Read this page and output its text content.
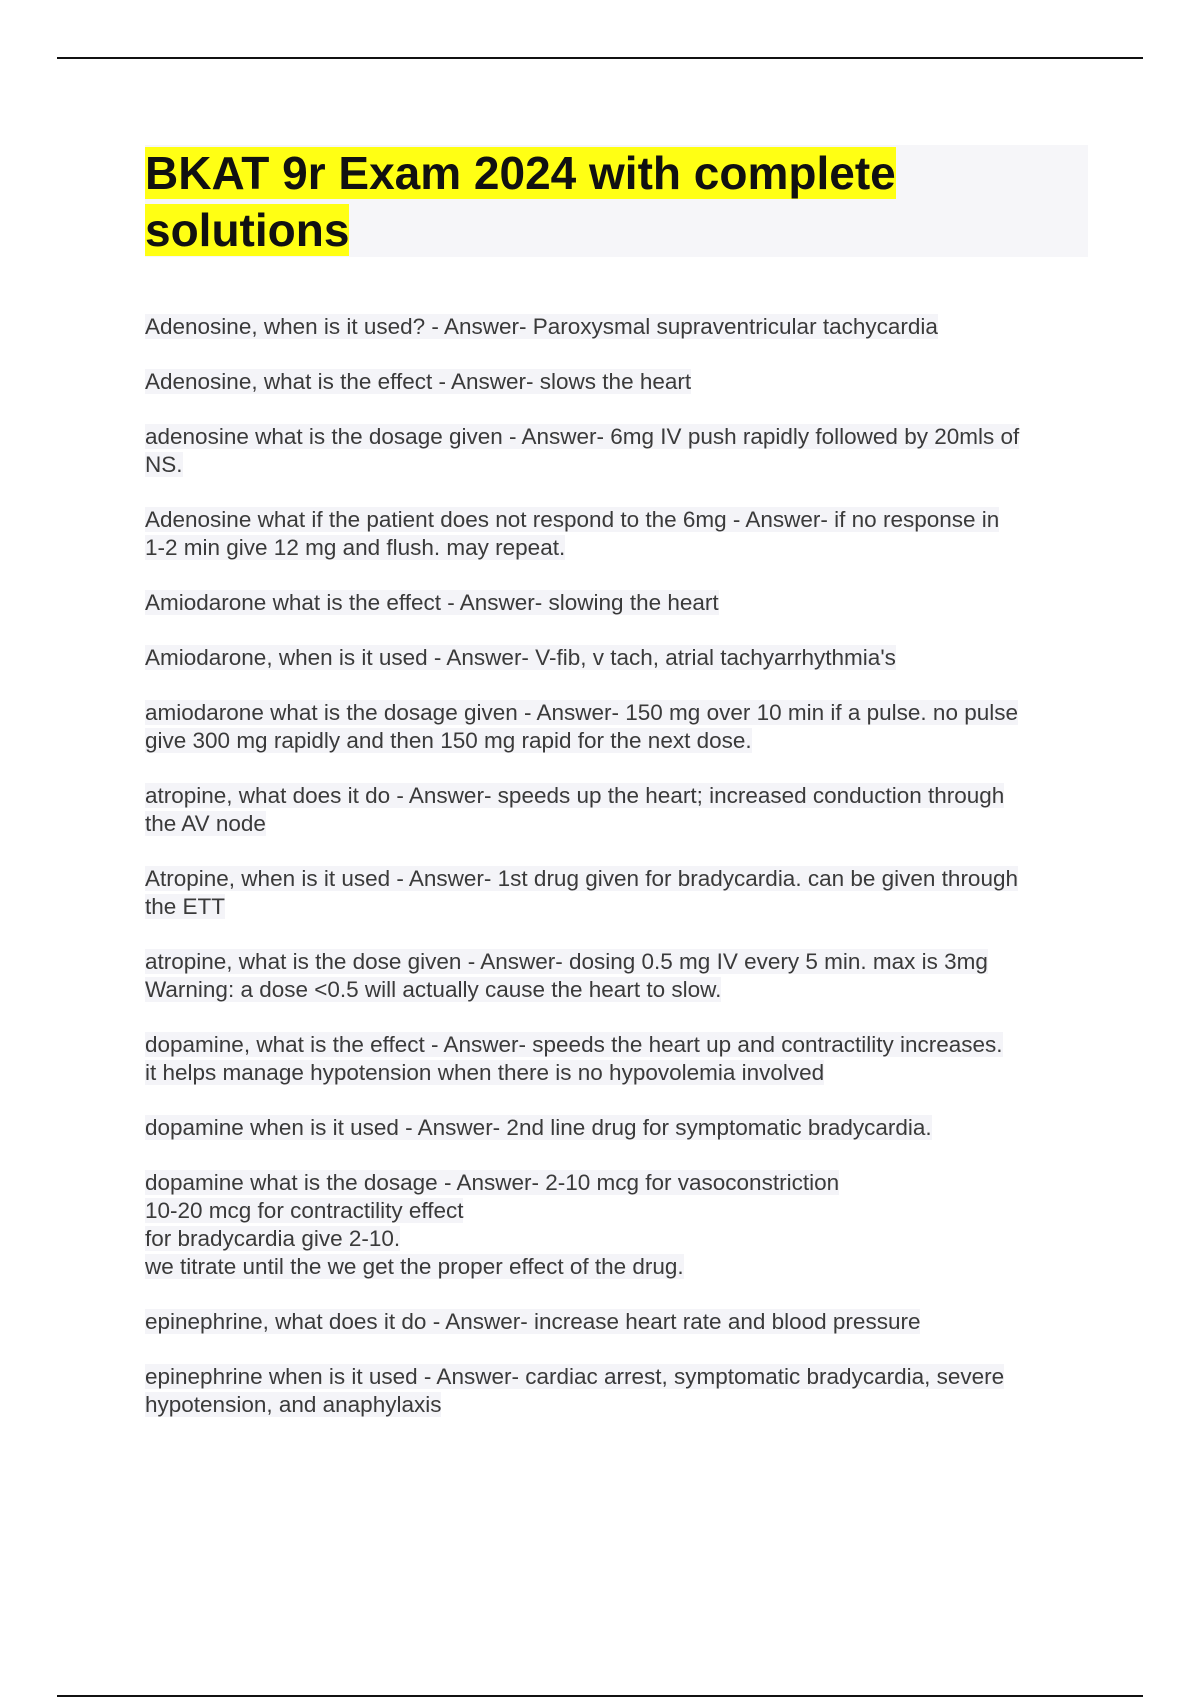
BKAT 9r Exam 2024 with complete solutions
Adenosine, when is it used? - Answer- Paroxysmal supraventricular tachycardia
Adenosine, what is the effect - Answer- slows the heart
adenosine what is the dosage given - Answer- 6mg IV push rapidly followed by 20mls of
NS.
Adenosine what if the patient does not respond to the 6mg - Answer- if no response in
1-2 min give 12 mg and flush. may repeat.
Amiodarone what is the effect - Answer- slowing the heart
Amiodarone, when is it used - Answer- V-fib, v tach, atrial tachyarrhythmia's
amiodarone what is the dosage given - Answer- 150 mg over 10 min if a pulse. no pulse
give 300 mg rapidly and then 150 mg rapid for the next dose.
atropine, what does it do - Answer- speeds up the heart; increased conduction through
the AV node
Atropine, when is it used - Answer- 1st drug given for bradycardia. can be given through
the ETT
atropine, what is the dose given - Answer- dosing 0.5 mg IV every 5 min. max is 3mg
Warning: a dose <0.5 will actually cause the heart to slow.
dopamine, what is the effect - Answer- speeds the heart up and contractility increases.
it helps manage hypotension when there is no hypovolemia involved
dopamine when is it used - Answer- 2nd line drug for symptomatic bradycardia.
dopamine what is the dosage - Answer- 2-10 mcg for vasoconstriction
10-20 mcg for contractility effect
for bradycardia give 2-10.
we titrate until the we get the proper effect of the drug.
epinephrine, what does it do - Answer- increase heart rate and blood pressure
epinephrine when is it used - Answer- cardiac arrest, symptomatic bradycardia, severe
hypotension, and anaphylaxis
